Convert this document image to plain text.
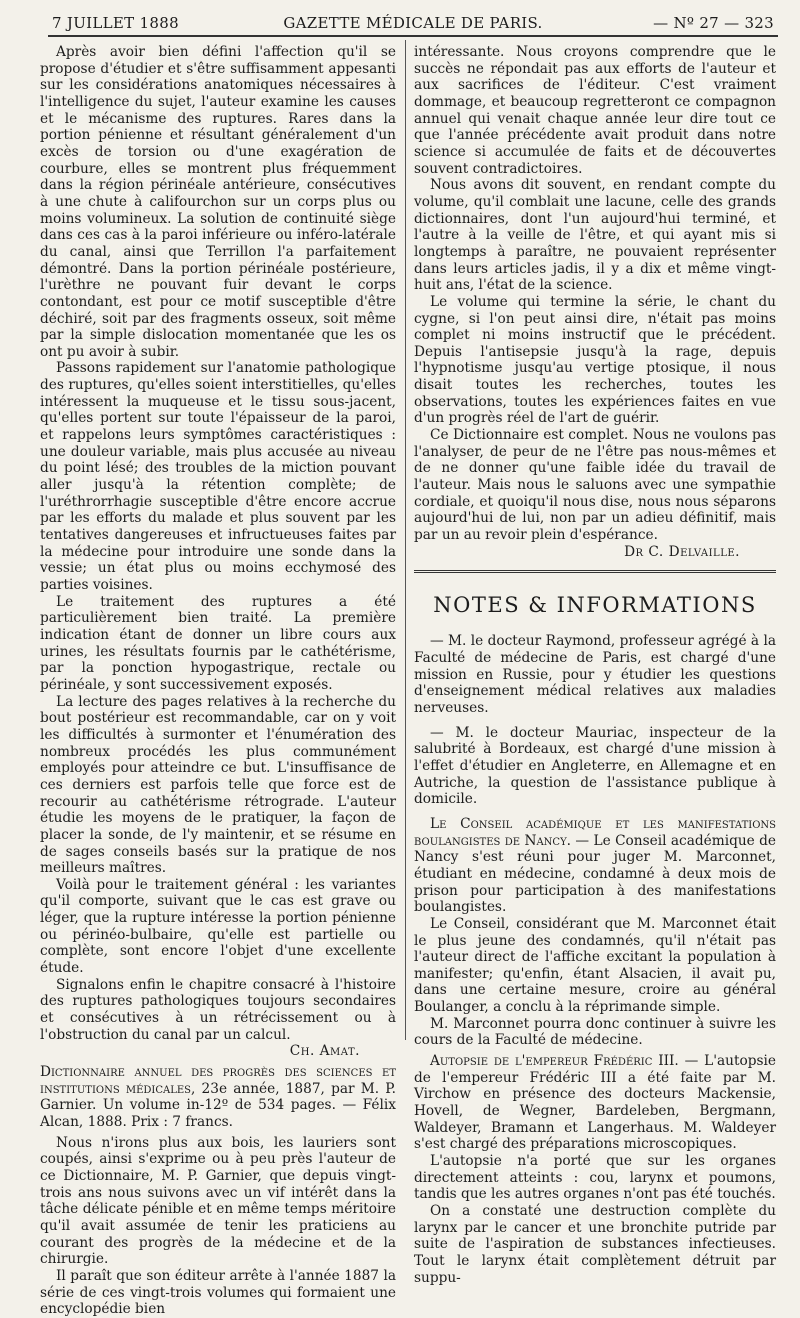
7 JUILLET 1888	GAZETTE MÉDICALE DE PARIS.	— Nº 27 — 323

Après avoir bien défini l'affection qu'il se propose d'étudier et s'être suffisamment appesanti sur les considérations anatomiques nécessaires à l'intelligence du sujet, l'auteur examine les causes et le mécanisme des ruptures. Rares dans la portion pénienne et résultant généralement d'un excès de torsion ou d'une exagération de courbure, elles se montrent plus fréquemment dans la région périnéale antérieure, consécutives à une chute à califourchon sur un corps plus ou moins volumineux. La solution de continuité siège dans ces cas à la paroi inférieure ou inféro-latérale du canal, ainsi que Terrillon l'a parfaitement démontré. Dans la portion périnéale postérieure, l'urèthre ne pouvant fuir devant le corps contondant, est pour ce motif susceptible d'être déchiré, soit par des fragments osseux, soit même par la simple dislocation momentanée que les os ont pu avoir à subir.

Passons rapidement sur l'anatomie pathologique des ruptures, qu'elles soient interstitielles, qu'elles intéressent la muqueuse et le tissu sous-jacent, qu'elles portent sur toute l'épaisseur de la paroi, et rappelons leurs symptômes caractéristiques : une douleur variable, mais plus accusée au niveau du point lésé; des troubles de la miction pouvant aller jusqu'à la rétention complète; de l'uréthrorrhagie susceptible d'être encore accrue par les efforts du malade et plus souvent par les tentatives dangereuses et infructueuses faites par la médecine pour introduire une sonde dans la vessie; un état plus ou moins ecchymosé des parties voisines.

Le traitement des ruptures a été particulièrement bien traité. La première indication étant de donner un libre cours aux urines, les résultats fournis par le cathétérisme, par la ponction hypogastrique, rectale ou périnéale, y sont successivement exposés.

La lecture des pages relatives à la recherche du bout postérieur est recommandable, car on y voit les difficultés à surmonter et l'énumération des nombreux procédés les plus communément employés pour atteindre ce but. L'insuffisance de ces derniers est parfois telle que force est de recourir au cathétérisme rétrograde. L'auteur étudie les moyens de le pratiquer, la façon de placer la sonde, de l'y maintenir, et se résume en de sages conseils basés sur la pratique de nos meilleurs maîtres.

Voilà pour le traitement général : les variantes qu'il comporte, suivant que le cas est grave ou léger, que la rupture intéresse la portion pénienne ou périnéo-bulbaire, qu'elle est partielle ou complète, sont encore l'objet d'une excellente étude.

Signalons enfin le chapitre consacré à l'histoire des ruptures pathologiques toujours secondaires et consécutives à un rétrécissement ou à l'obstruction du canal par un calcul.

Ch. Amat.

Dictionnaire annuel des progrès des sciences et institutions médicales, 23e année, 1887, par M. P. Garnier. Un volume in-12º de 534 pages. — Félix Alcan, 1888. Prix : 7 francs.

Nous n'irons plus aux bois, les lauriers sont coupés, ainsi s'exprime ou à peu près l'auteur de ce Dictionnaire, M. P. Garnier, que depuis vingt-trois ans nous suivons avec un vif intérêt dans la tâche délicate pénible et en même temps méritoire qu'il avait assumée de tenir les praticiens au courant des progrès de la médecine et de la chirurgie.

Il paraît que son éditeur arrête à l'année 1887 la série de ces vingt-trois volumes qui formaient une encyclopédie bien

intéressante. Nous croyons comprendre que le succès ne répondait pas aux efforts de l'auteur et aux sacrifices de l'éditeur. C'est vraiment dommage, et beaucoup regretteront ce compagnon annuel qui venait chaque année leur dire tout ce que l'année précédente avait produit dans notre science si accumulée de faits et de découvertes souvent contradictoires.

Nous avons dit souvent, en rendant compte du volume, qu'il comblait une lacune, celle des grands dictionnaires, dont l'un aujourd'hui terminé, et l'autre à la veille de l'être, et qui ayant mis si longtemps à paraître, ne pouvaient représenter dans leurs articles jadis, il y a dix et même vingt-huit ans, l'état de la science.

Le volume qui termine la série, le chant du cygne, si l'on peut ainsi dire, n'était pas moins complet ni moins instructif que le précédent. Depuis l'antisepsie jusqu'à la rage, depuis l'hypnotisme jusqu'au vertige ptosique, il nous disait toutes les recherches, toutes les observations, toutes les expériences faites en vue d'un progrès réel de l'art de guérir.

Ce Dictionnaire est complet. Nous ne voulons pas l'analyser, de peur de ne l'être pas nous-mêmes et de ne donner qu'une faible idée du travail de l'auteur. Mais nous le saluons avec une sympathie cordiale, et quoiqu'il nous dise, nous nous séparons aujourd'hui de lui, non par un adieu définitif, mais par un au revoir plein d'espérance.

Dr C. Delvaille.

NOTES & INFORMATIONS

— M. le docteur Raymond, professeur agrégé à la Faculté de médecine de Paris, est chargé d'une mission en Russie, pour y étudier les questions d'enseignement médical relatives aux maladies nerveuses.

— M. le docteur Mauriac, inspecteur de la salubrité à Bordeaux, est chargé d'une mission à l'effet d'étudier en Angleterre, en Allemagne et en Autriche, la question de l'assistance publique à domicile.

Le Conseil académique et les manifestations boulangistes de Nancy. — Le Conseil académique de Nancy s'est réuni pour juger M. Marconnet, étudiant en médecine, condamné à deux mois de prison pour participation à des manifestations boulangistes.

Le Conseil, considérant que M. Marconnet était le plus jeune des condamnés, qu'il n'était pas l'auteur direct de l'affiche excitant la population à manifester; qu'enfin, étant Alsacien, il avait pu, dans une certaine mesure, croire au général Boulanger, a conclu à la réprimande simple.

M. Marconnet pourra donc continuer à suivre les cours de la Faculté de médecine.

Autopsie de l'empereur Frédéric III. — L'autopsie de l'empereur Frédéric III a été faite par M. Virchow en présence des docteurs Mackensie, Hovell, de Wegner, Bardeleben, Bergmann, Waldeyer, Bramann et Langerhaus. M. Waldeyer s'est chargé des préparations microscopiques.

L'autopsie n'a porté que sur les organes directement atteints : cou, larynx et poumons, tandis que les autres organes n'ont pas été touchés.

On a constaté une destruction complète du larynx par le cancer et une bronchite putride par suite de l'aspiration de substances infectieuses. Tout le larynx était complètement détruit par suppu-
